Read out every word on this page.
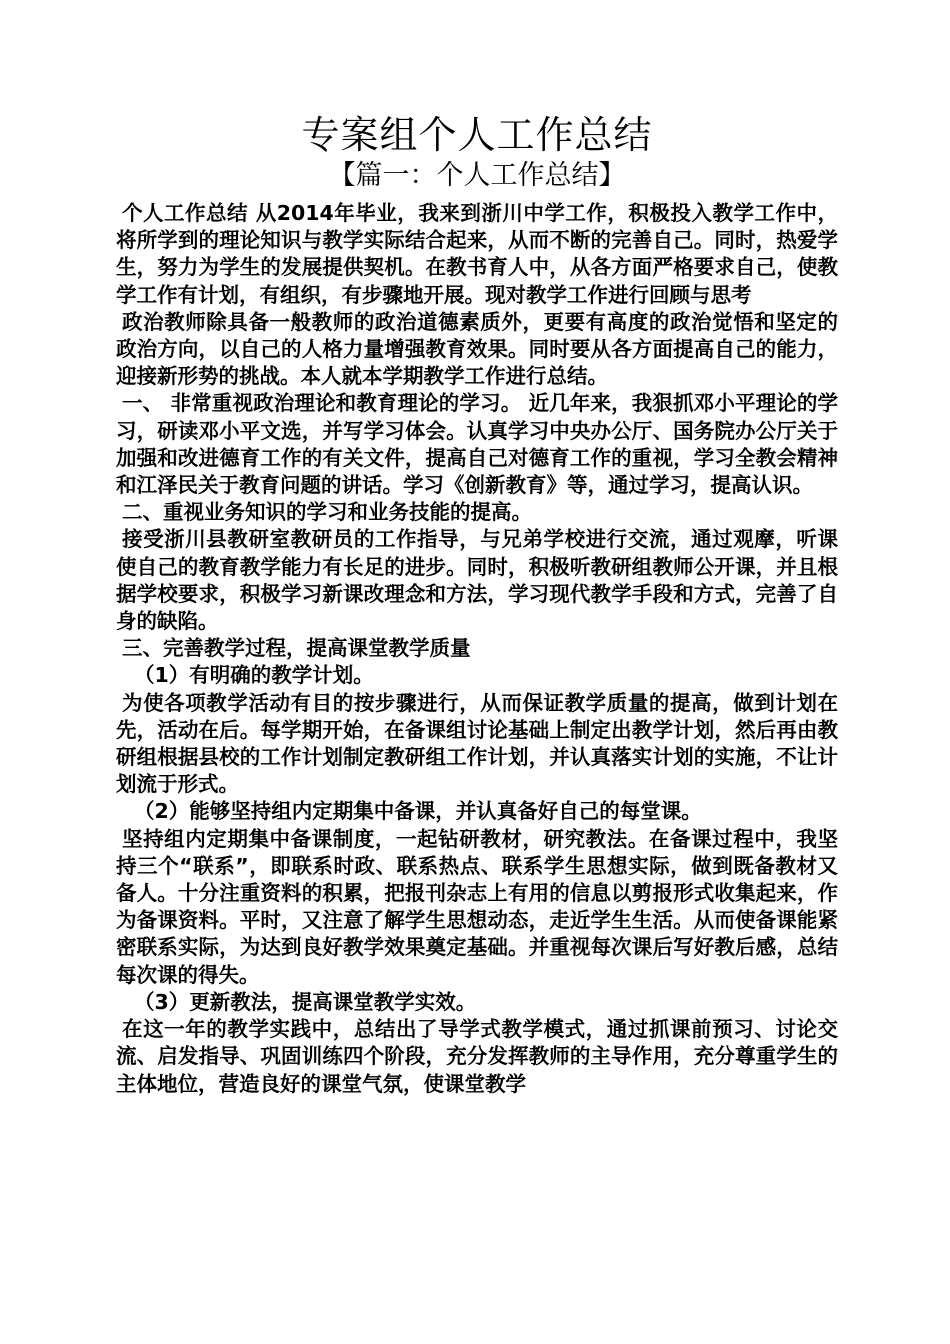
专案组个人工作总结
【篇一：个人工作总结】

个人工作总结 从2014年毕业，我来到浙川中学工作，积极投入教学工作中，将所学到的理论知识与教学实际结合起来，从而不断的完善自己。同时，热爱学生，努力为学生的发展提供契机。在教书育人中，从各方面严格要求自己，使教学工作有计划，有组织，有步骤地开展。现对教学工作进行回顾与思考

政治教师除具备一般教师的政治道德素质外，更要有高度的政治觉悟和坚定的政治方向，以自己的人格力量增强教育效果。同时要从各方面提高自己的能力，迎接新形势的挑战。本人就本学期教学工作进行总结。

一、 非常重视政治理论和教育理论的学习。 近几年来，我狠抓邓小平理论的学习，研读邓小平文选，并写学习体会。认真学习中央办公厅、国务院办公厅关于加强和改进德育工作的有关文件，提高自己对德育工作的重视，学习全教会精神和江泽民关于教育问题的讲话。学习《创新教育》等，通过学习，提高认识。

二、重视业务知识的学习和业务技能的提高。

接受浙川县教研室教研员的工作指导，与兄弟学校进行交流，通过观摩，听课使自己的教育教学能力有长足的进步。同时，积极听教研组教师公开课，并且根据学校要求，积极学习新课改理念和方法，学习现代教学手段和方式，完善了自身的缺陷。

三、完善教学过程，提高课堂教学质量

（1）有明确的教学计划。

为使各项教学活动有目的按步骤进行，从而保证教学质量的提高，做到计划在先，活动在后。每学期开始，在备课组讨论基础上制定出教学计划，然后再由教研组根据县校的工作计划制定教研组工作计划，并认真落实计划的实施，不让计划流于形式。

（2）能够坚持组内定期集中备课，并认真备好自己的每堂课。

坚持组内定期集中备课制度，一起钻研教材，研究教法。在备课过程中，我坚持三个“联系”，即联系时政、联系热点、联系学生思想实际，做到既备教材又备人。十分注重资料的积累，把报刊杂志上有用的信息以剪报形式收集起来，作为备课资料。平时，又注意了解学生思想动态，走近学生生活。从而使备课能紧密联系实际，为达到良好教学效果奠定基础。并重视每次课后写好教后感，总结每次课的得失。

（3）更新教法，提高课堂教学实效。

在这一年的教学实践中，总结出了导学式教学模式，通过抓课前预习、讨论交流、启发指导、巩固训练四个阶段，充分发挥教师的主导作用，充分尊重学生的主体地位，营造良好的课堂气氛，使课堂教学
